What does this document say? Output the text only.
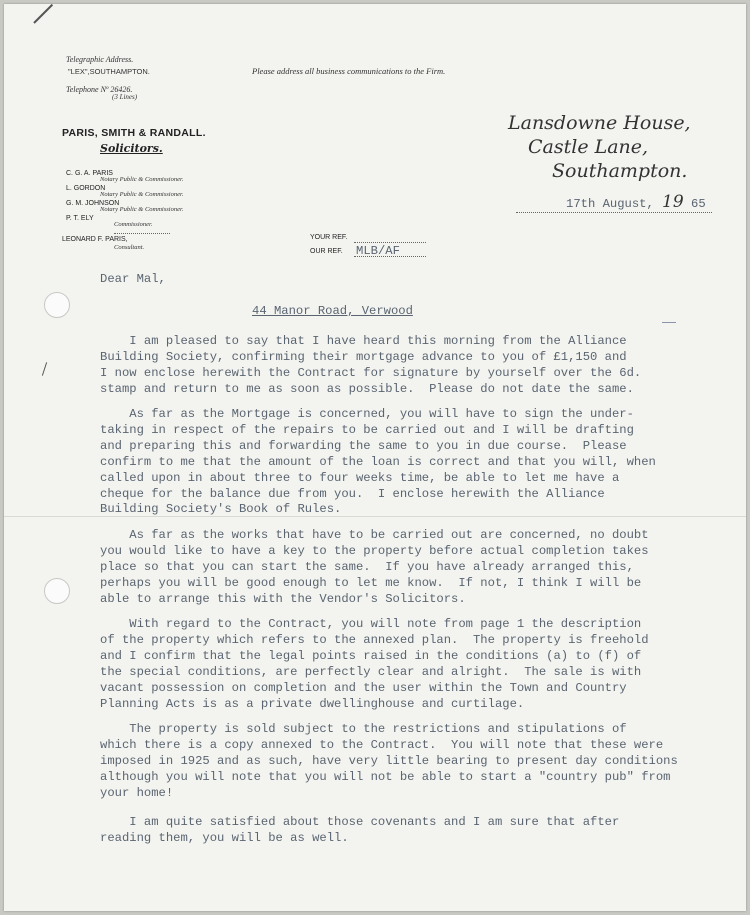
Telegraphic Address.
"LEX",SOUTHAMPTON.
Telephone Nº 26426.
(3 Lines)
Please address all business communications to the Firm.
PARIS, SMITH & RANDALL.
Solicitors.
C. G. A. PARIS
Notary Public & Commissioner.
L. GORDON
Notary Public & Commissioner.
G. M. JOHNSON
Notary Public & Commissioner.
P. T. ELY
Commissioner.
LEONARD F. PARIS,
Consultant.
Lansdowne House,
Castle Lane,
Southampton.
17th August, 19 65
YOUR REF.
OUR REF. MLB/AF
Dear Mal,
44 Manor Road, Verwood
I am pleased to say that I have heard this morning from the Alliance
Building Society, confirming their mortgage advance to you of £1,150 and
I now enclose herewith the Contract for signature by yourself over the 6d.
stamp and return to me as soon as possible.  Please do not date the same.
As far as the Mortgage is concerned, you will have to sign the under-
taking in respect of the repairs to be carried out and I will be drafting
and preparing this and forwarding the same to you in due course.  Please
confirm to me that the amount of the loan is correct and that you will, when
called upon in about three to four weeks time, be able to let me have a
cheque for the balance due from you.  I enclose herewith the Alliance
Building Society's Book of Rules.
As far as the works that have to be carried out are concerned, no doubt
you would like to have a key to the property before actual completion takes
place so that you can start the same.  If you have already arranged this,
perhaps you will be good enough to let me know.  If not, I think I will be
able to arrange this with the Vendor's Solicitors.
With regard to the Contract, you will note from page 1 the description
of the property which refers to the annexed plan.  The property is freehold
and I confirm that the legal points raised in the conditions (a) to (f) of
the special conditions, are perfectly clear and alright.  The sale is with
vacant possession on completion and the user within the Town and Country
Planning Acts is as a private dwellinghouse and curtilage.
The property is sold subject to the restrictions and stipulations of
which there is a copy annexed to the Contract.  You will note that these were
imposed in 1925 and as such, have very little bearing to present day conditions
although you will note that you will not be able to start a "country pub" from
your home!
I am quite satisfied about those covenants and I am sure that after
reading them, you will be as well.
